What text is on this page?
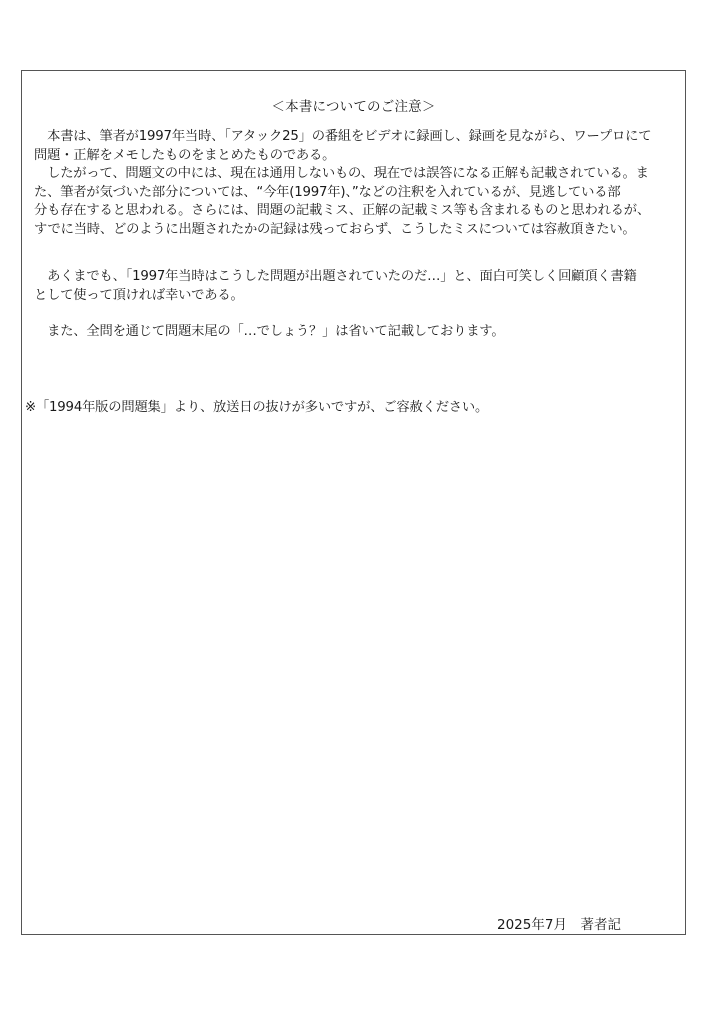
＜本書についてのご注意＞

　本書は、筆者が1997年当時、「アタック25」の番組をビデオに録画し、録画を見ながら、ワープロにて
問題・正解をメモしたものをまとめたものである。
　したがって、問題文の中には、現在は通用しないもの、現在では誤答になる正解も記載されている。ま
た、筆者が気づいた部分については、“今年(1997年)、”などの注釈を入れているが、見逃している部
分も存在すると思われる。さらには、問題の記載ミス、正解の記載ミス等も含まれるものと思われるが、
すでに当時、どのように出題されたかの記録は残っておらず、こうしたミスについては容赦頂きたい。

　あくまでも、「1997年当時はこうした問題が出題されていたのだ…」と、面白可笑しく回顧頂く書籍
として使って頂ければ幸いである。

　また、全問を通じて問題末尾の「…でしょう？」は省いて記載しております。

※「1994年版の問題集」より、放送日の抜けが多いですが、ご容赦ください。
2025年7月　著者記
